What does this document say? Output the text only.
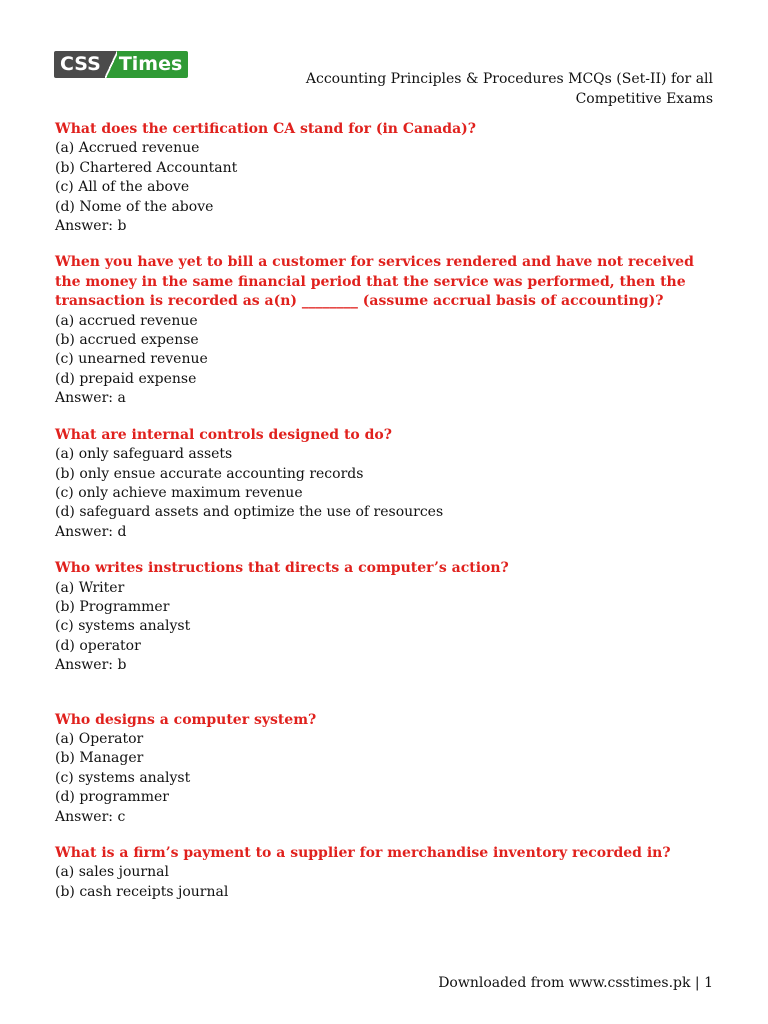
CSS Times
Accounting Principles & Procedures MCQs (Set-II) for all
Competitive Exams
What does the certification CA stand for (in Canada)?
(a) Accrued revenue
(b) Chartered Accountant
(c) All of the above
(d) Nome of the above
Answer: b
When you have yet to bill a customer for services rendered and have not received the money in the same financial period that the service was performed, then the transaction is recorded as a(n) ________ (assume accrual basis of accounting)?
(a) accrued revenue
(b) accrued expense
(c) unearned revenue
(d) prepaid expense
Answer: a
What are internal controls designed to do?
(a) only safeguard assets
(b) only ensue accurate accounting records
(c) only achieve maximum revenue
(d) safeguard assets and optimize the use of resources
Answer: d
Who writes instructions that directs a computer’s action?
(a) Writer
(b) Programmer
(c) systems analyst
(d) operator
Answer: b
Who designs a computer system?
(a) Operator
(b) Manager
(c) systems analyst
(d) programmer
Answer: c
What is a firm’s payment to a supplier for merchandise inventory recorded in?
(a) sales journal
(b) cash receipts journal
Downloaded from www.csstimes.pk | 1
